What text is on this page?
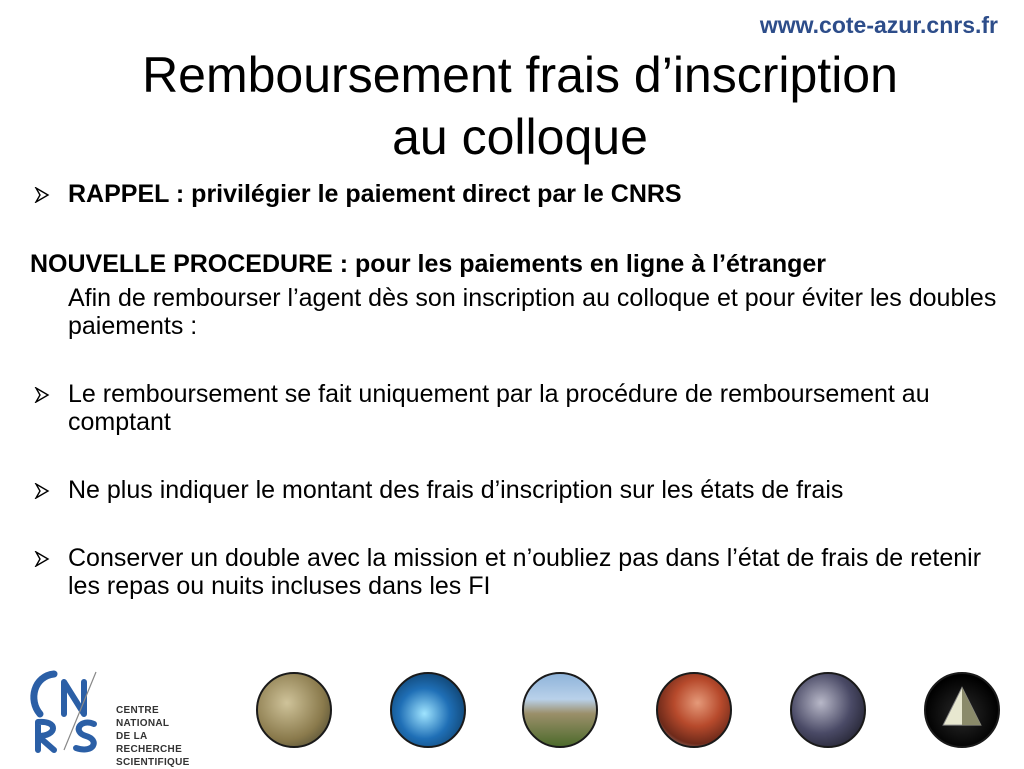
www.cote-azur.cnrs.fr
Remboursement frais d’inscription
au colloque
RAPPEL : privilégier le paiement direct par le CNRS
NOUVELLE PROCEDURE : pour les paiements en ligne à l’étranger
Afin de rembourser l’agent dès son inscription au colloque et pour éviter les doubles paiements :
Le remboursement se fait uniquement par la procédure de remboursement au comptant
Ne plus indiquer le montant des frais d’inscription sur les états de frais
Conserver un double avec la mission et n’oubliez pas dans l’état de frais de retenir les repas ou nuits incluses dans les FI
CENTRE NATIONAL
DE LA RECHERCHE
SCIENTIFIQUE
